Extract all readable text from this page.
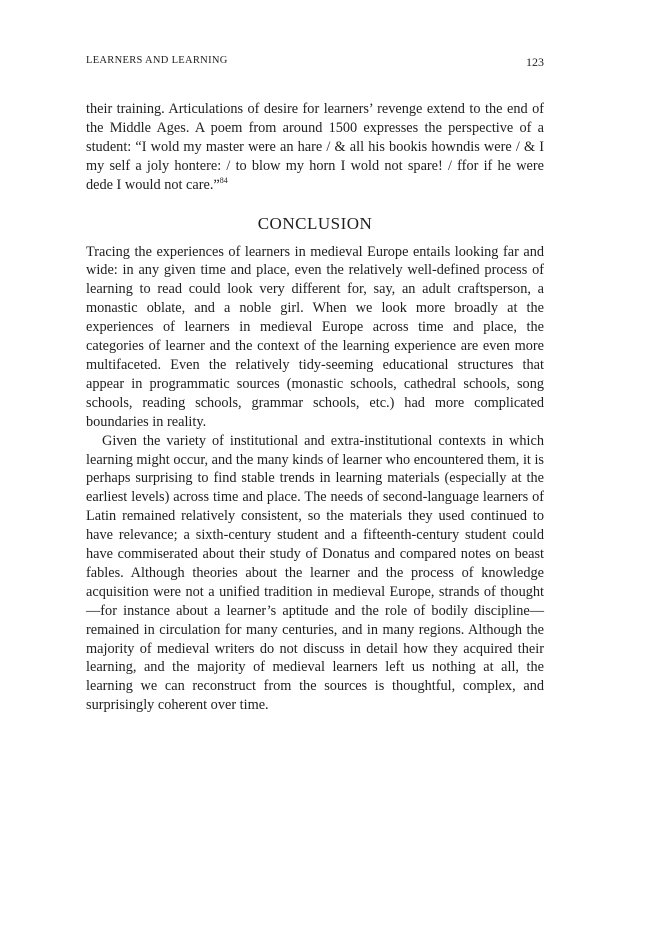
LEARNERS AND LEARNING	123

their training. Articulations of desire for learners’ revenge extend to the end of the Middle Ages. A poem from around 1500 expresses the perspective of a student: “I wold my master were an hare / & all his bookis howndis were / & I my self a joly hontere: / to blow my horn I wold not spare! / ffor if he were dede I would not care.”$^{84}$

CONCLUSION

Tracing the experiences of learners in medieval Europe entails looking far and wide: in any given time and place, even the relatively well-defined process of learning to read could look very different for, say, an adult craftsperson, a monastic oblate, and a noble girl. When we look more broadly at the experiences of learners in medieval Europe across time and place, the categories of learner and the context of the learning experience are even more multifaceted. Even the relatively tidy-seeming educational structures that appear in programmatic sources (monastic schools, cathedral schools, song schools, reading schools, grammar schools, etc.) had more complicated boundaries in reality.

Given the variety of institutional and extra-institutional contexts in which learning might occur, and the many kinds of learner who encountered them, it is perhaps surprising to find stable trends in learning materials (especially at the earliest levels) across time and place. The needs of second-language learners of Latin remained relatively consistent, so the materials they used continued to have relevance; a sixth-century student and a fifteenth-century student could have commiserated about their study of Donatus and compared notes on beast fables. Although theories about the learner and the process of knowledge acquisition were not a unified tradition in medieval Europe, strands of thought—for instance about a learner’s aptitude and the role of bodily discipline—remained in circulation for many centuries, and in many regions. Although the majority of medieval writers do not discuss in detail how they acquired their learning, and the majority of medieval learners left us nothing at all, the learning we can reconstruct from the sources is thoughtful, complex, and surprisingly coherent over time.
